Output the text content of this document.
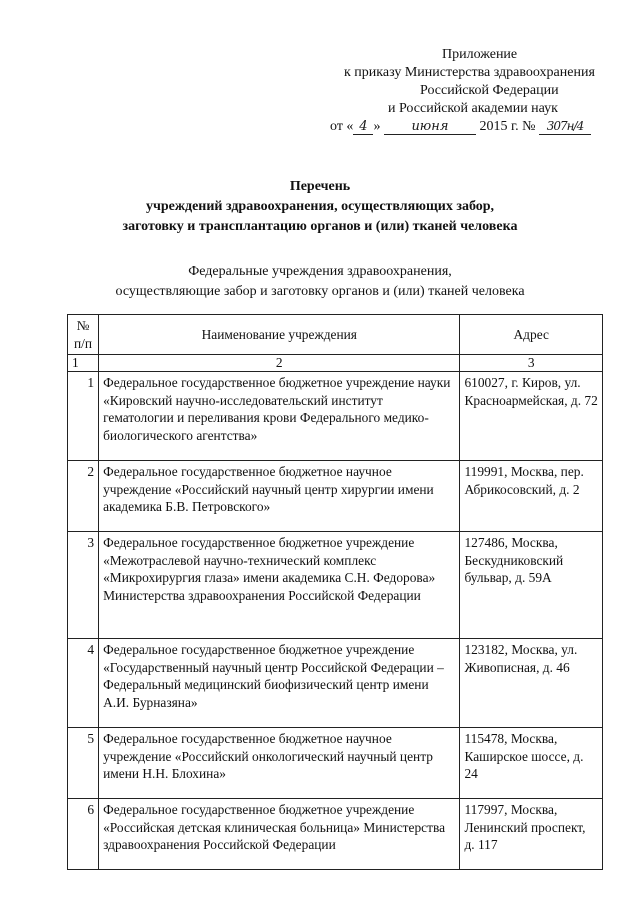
Приложение
к приказу Министерства здравоохранения
Российской Федерации
и Российской академии наук
от « 4 » июня 2015 г. № 307н/4
Перечень
учреждений здравоохранения, осуществляющих забор,
заготовку и трансплантацию органов и (или) тканей человека
Федеральные учреждения здравоохранения,
осуществляющие забор и заготовку органов и (или) тканей человека
№ п/п	Наименование учреждения	Адрес
1	2	3
1	Федеральное государственное бюджетное учреждение науки «Кировский научно-исследовательский институт гематологии и переливания крови Федерального медико-биологического агентства»	610027, г. Киров, ул. Красноармейская, д. 72
2	Федеральное государственное бюджетное научное учреждение «Российский научный центр хирургии имени академика Б.В. Петровского»	119991, Москва, пер. Абрикосовский, д. 2
3	Федеральное государственное бюджетное учреждение «Межотраслевой научно-технический комплекс «Микрохирургия глаза» имени академика С.Н. Федорова» Министерства здравоохранения Российской Федерации	127486, Москва, Бескудниковский бульвар, д. 59А
4	Федеральное государственное бюджетное учреждение «Государственный научный центр Российской Федерации – Федеральный медицинский биофизический центр имени А.И. Бурназяна»	123182, Москва, ул. Живописная, д. 46
5	Федеральное государственное бюджетное научное учреждение «Российский онкологический научный центр имени Н.Н. Блохина»	115478, Москва, Каширское шоссе, д. 24
6	Федеральное государственное бюджетное учреждение «Российская детская клиническая больница» Министерства здравоохранения Российской Федерации	117997, Москва, Ленинский проспект, д. 117
